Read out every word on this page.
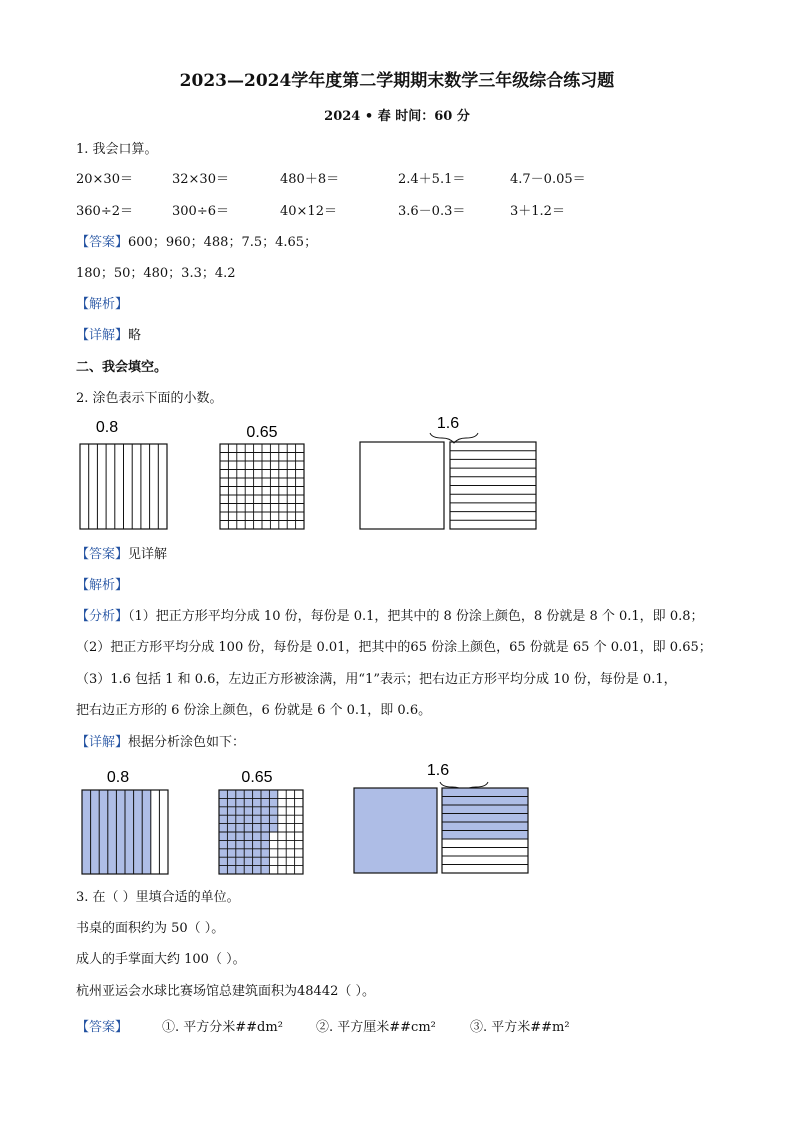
2023—2024学年度第二学期期末数学三年级综合练习题
2024 • 春 时间：60 分
1. 我会口算。
20×30＝	32×30＝	480＋8＝	2.4＋5.1＝	4.7－0.05＝
360÷2＝	300÷6＝	40×12＝	3.6－0.3＝	3＋1.2＝
【答案】600；960；488；7.5；4.65；
180；50；480；3.3；4.2
【解析】
【详解】略
二、我会填空。
2. 涂色表示下面的小数。
0.8	0.65
1.6
【答案】见详解
【解析】
【分析】（1）把正方形平均分成 10 份，每份是 0.1，把其中的 8 份涂上颜色，8 份就是 8 个 0.1，即 0.8；
（2）把正方形平均分成 100 份，每份是 0.01，把其中的65 份涂上颜色，65 份就是 65 个 0.01，即 0.65；
（3）1.6 包括 1 和 0.6，左边正方形被涂满，用“1”表示；把右边正方形平均分成 10 份，每份是 0.1，
把右边正方形的 6 份涂上颜色，6 份就是 6 个 0.1，即 0.6。
【详解】根据分析涂色如下：
0.8	0.65	1.6
3. 在（ ）里填合适的单位。
书桌的面积约为 50（ ）。
成人的手掌面大约 100（ ）。
杭州亚运会水球比赛场馆总建筑面积为48442（ ）。
【答案】	①. 平方分米##dm²	②. 平方厘米##cm²	③. 平方米##m²
